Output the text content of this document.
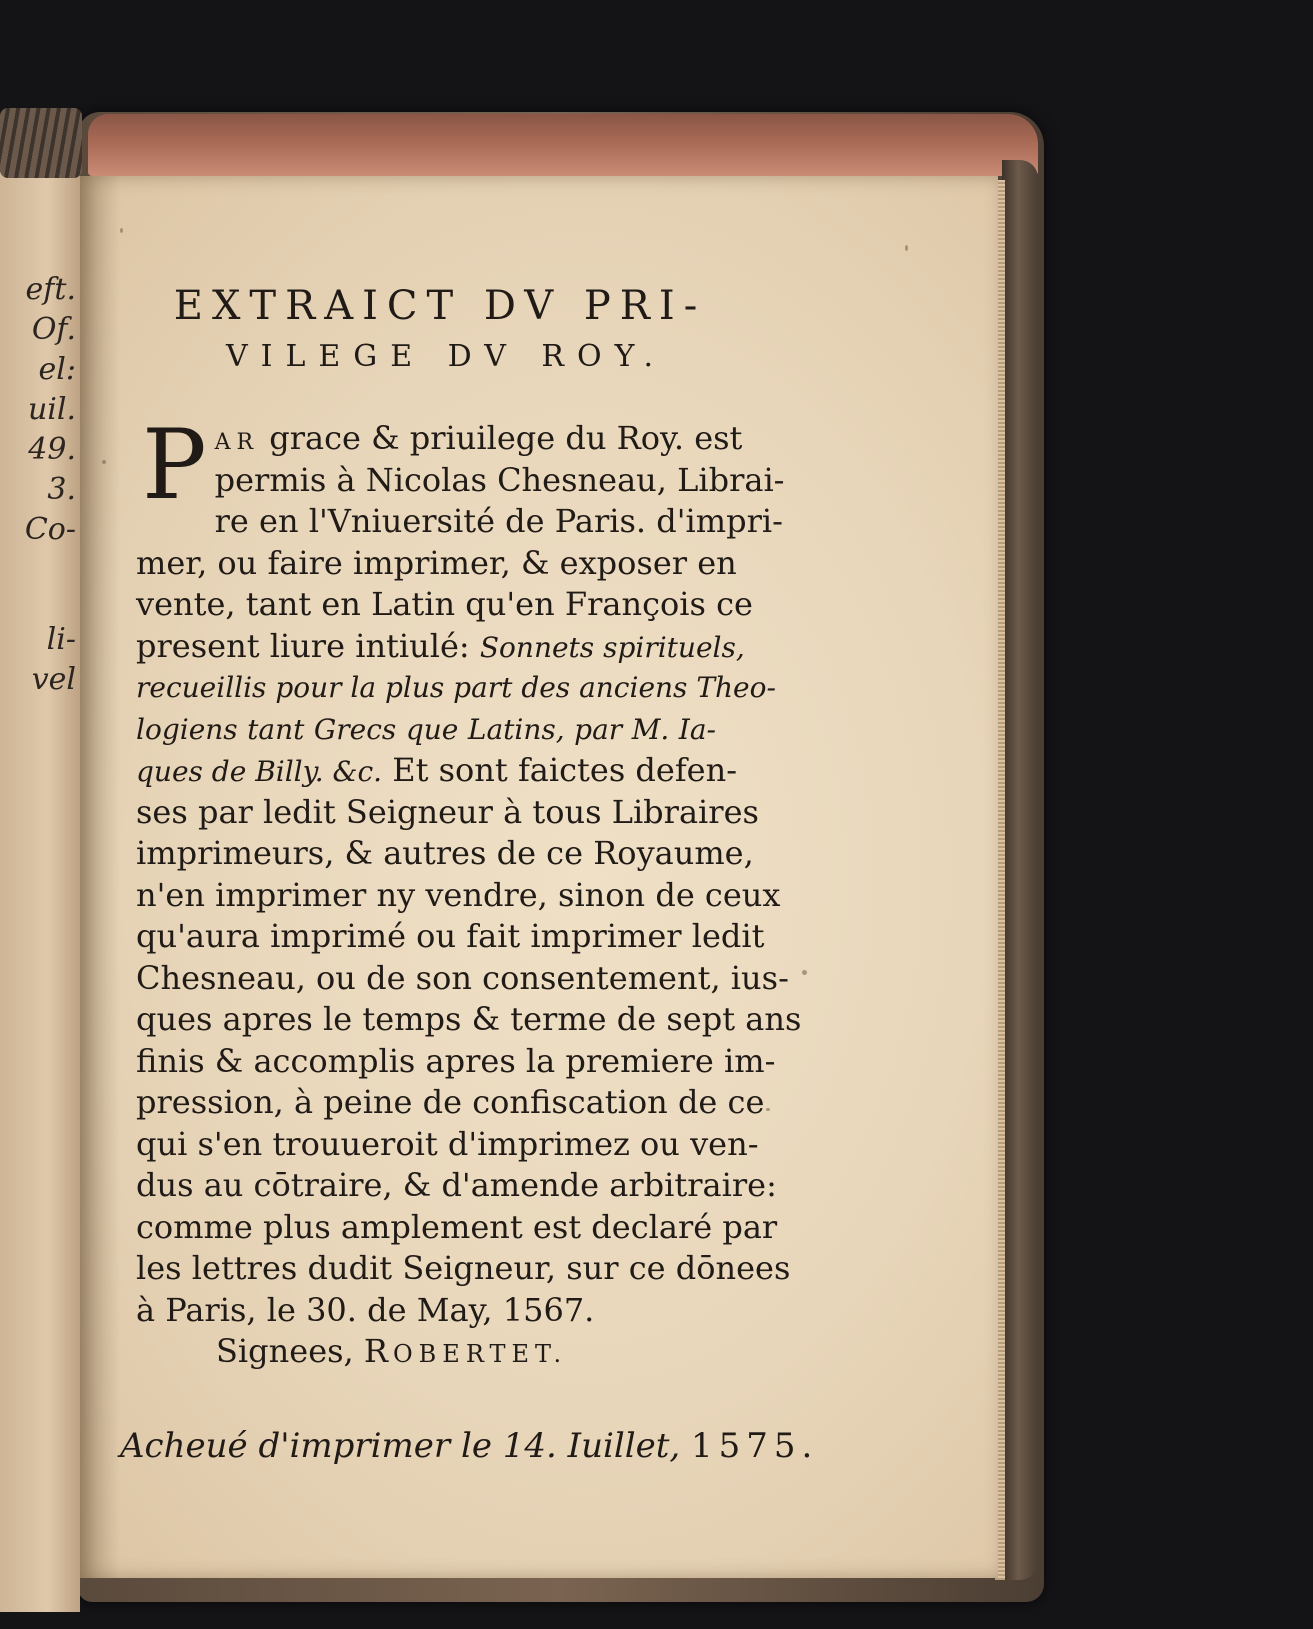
eft.
Of.
el:
uil.
49.
3.
Co-
li-
vel
EXTRAICT DV PRI-
VILEGE DV ROY.
P AR grace & priuilege du Roy. est
permis à Nicolas Chesneau, Librai-
re en l'Vniuersité de Paris. d'impri-
mer, ou faire imprimer, & exposer en
vente, tant en Latin qu'en François ce
present liure intiulé: Sonnets spirituels,
recueillis pour la plus part des anciens Theo-
logiens tant Grecs que Latins, par M. Ia-
ques de Billy. &c. Et sont faictes defen-
ses par ledit Seigneur à tous Libraires
imprimeurs, & autres de ce Royaume,
n'en imprimer ny vendre, sinon de ceux
qu'aura imprimé ou fait imprimer ledit
Chesneau, ou de son consentement, ius-
ques apres le temps & terme de sept ans
finis & accomplis apres la premiere im-
pression, à peine de confiscation de ce
qui s'en trouueroit d'imprimez ou ven-
dus au cōtraire, & d'amende arbitraire:
comme plus amplement est declaré par
les lettres dudit Seigneur, sur ce dōnees
à Paris, le 30. de May, 1567.
Signees, ROBERTET.
Acheué d'imprimer le 14. Iuillet, 1575.
